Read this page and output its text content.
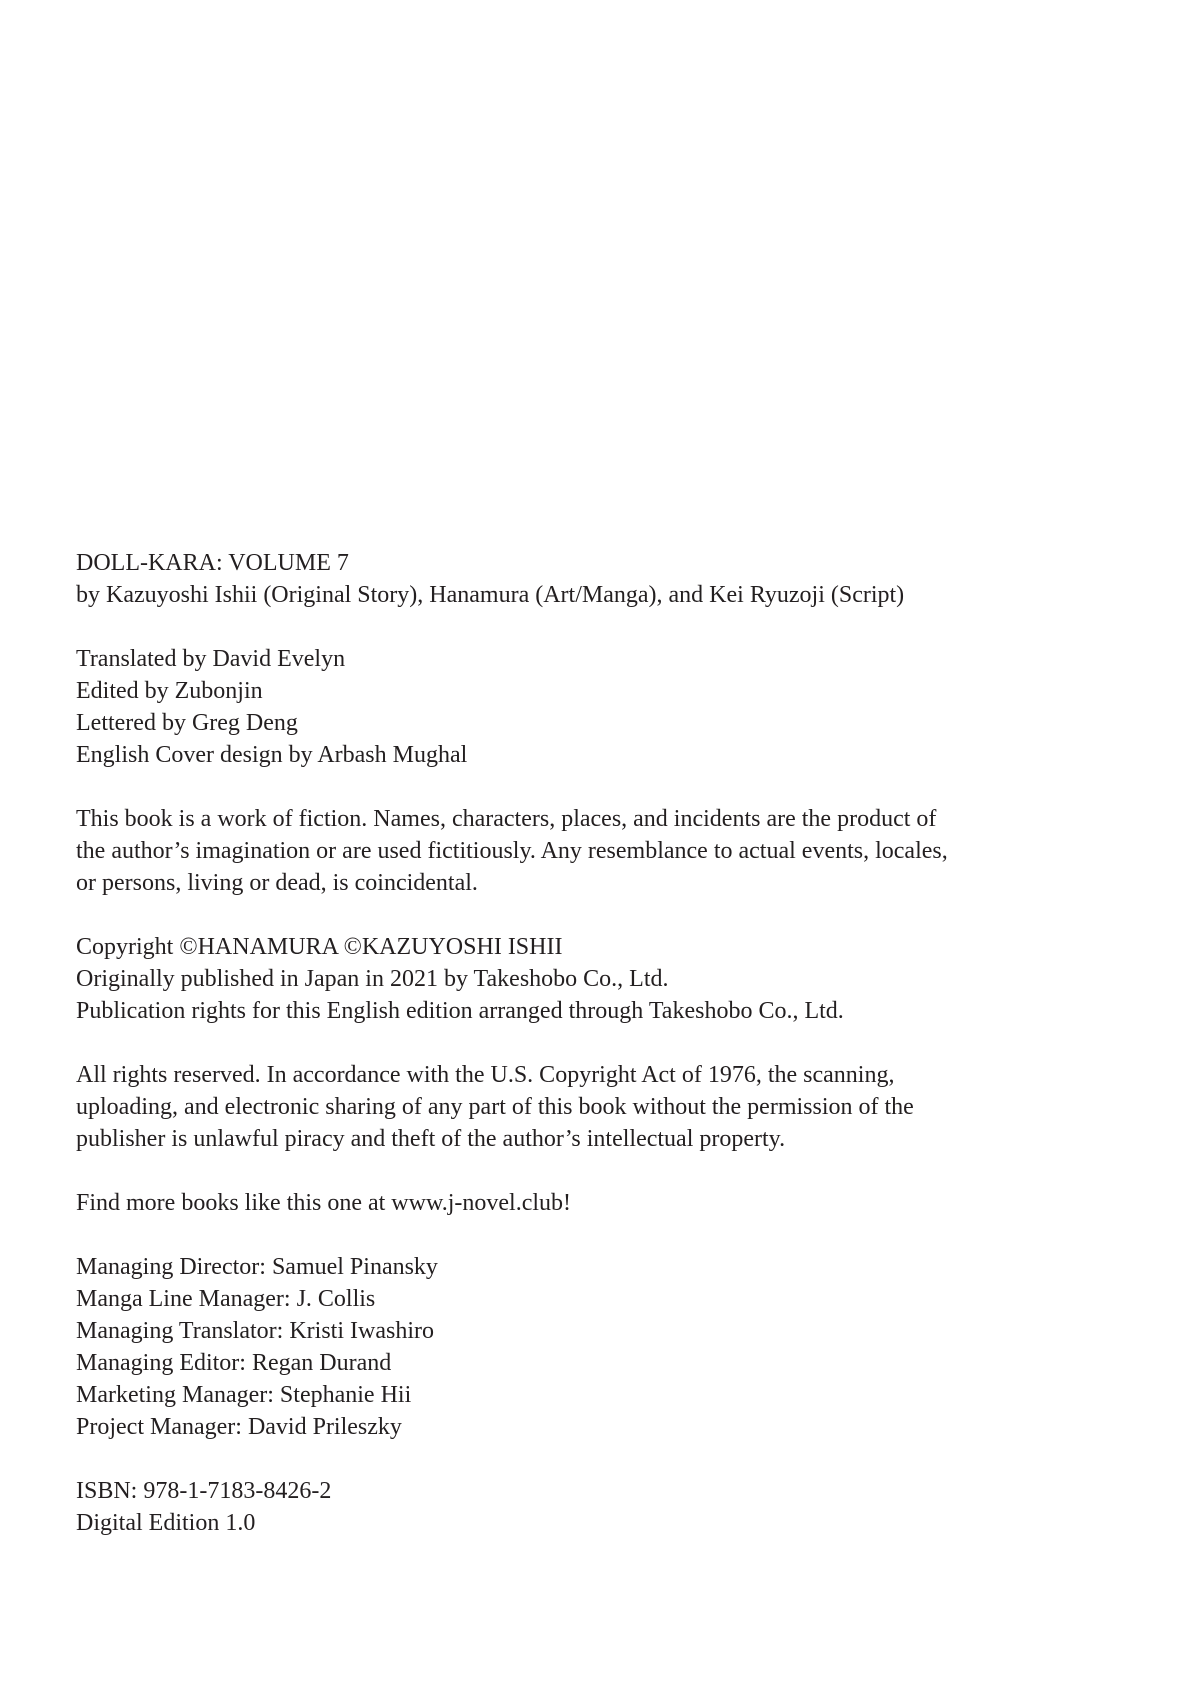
DOLL-KARA: VOLUME 7
by Kazuyoshi Ishii (Original Story), Hanamura (Art/Manga), and Kei Ryuzoji (Script)
Translated by David Evelyn
Edited by Zubonjin
Lettered by Greg Deng
English Cover design by Arbash Mughal
This book is a work of fiction. Names, characters, places, and incidents are the product of
the author’s imagination or are used fictitiously. Any resemblance to actual events, locales,
or persons, living or dead, is coincidental.
Copyright ©HANAMURA ©KAZUYOSHI ISHII
Originally published in Japan in 2021 by Takeshobo Co., Ltd.
Publication rights for this English edition arranged through Takeshobo Co., Ltd.
All rights reserved. In accordance with the U.S. Copyright Act of 1976, the scanning,
uploading, and electronic sharing of any part of this book without the permission of the
publisher is unlawful piracy and theft of the author’s intellectual property.
Find more books like this one at www.j-novel.club!
Managing Director: Samuel Pinansky
Manga Line Manager: J. Collis
Managing Translator: Kristi Iwashiro
Managing Editor: Regan Durand
Marketing Manager: Stephanie Hii
Project Manager: David Prileszky
ISBN: 978-1-7183-8426-2
Digital Edition 1.0
